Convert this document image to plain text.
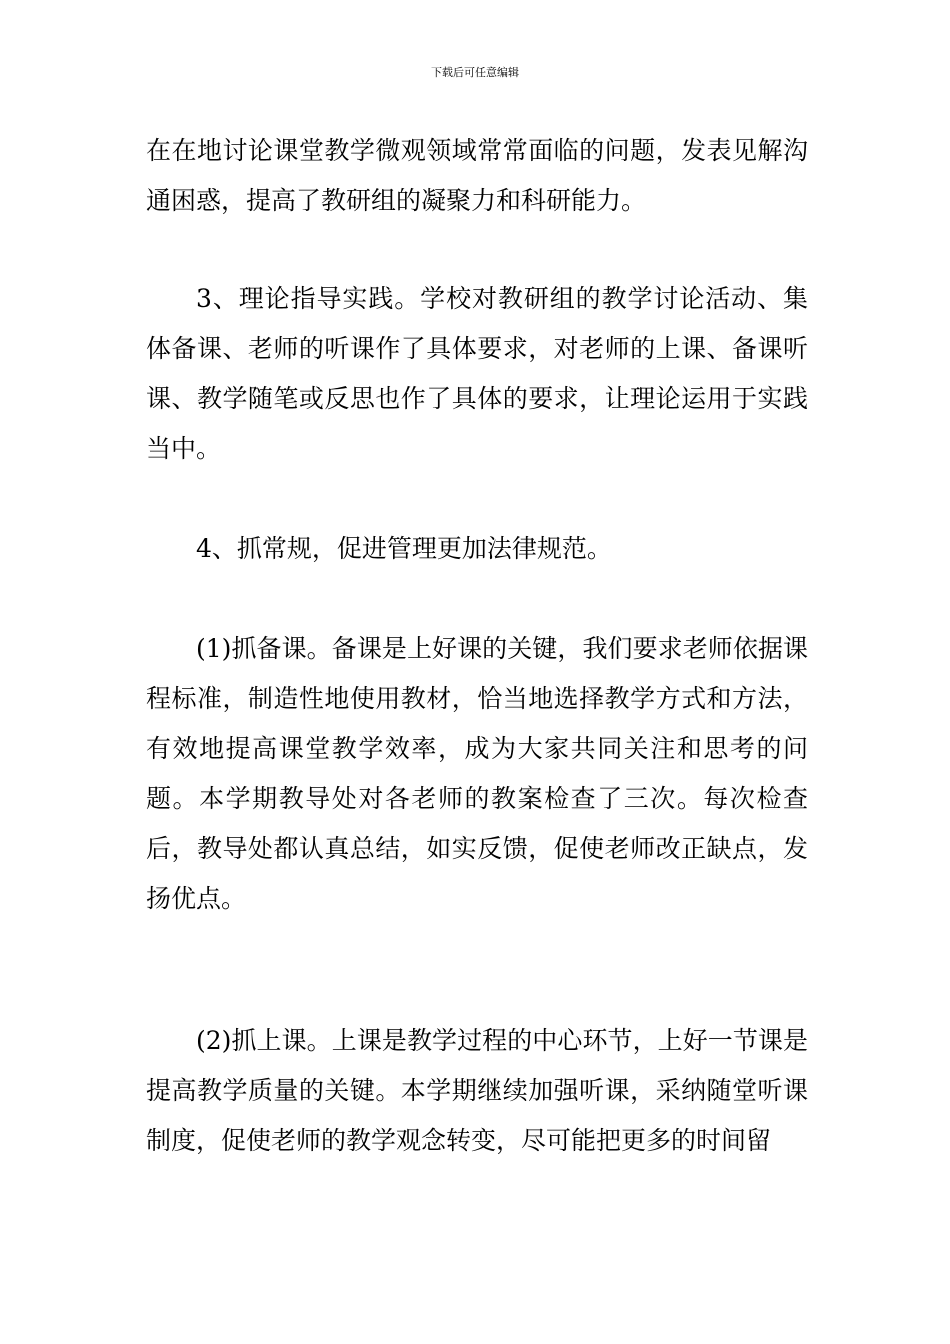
下载后可任意编辑

在在地讨论课堂教学微观领域常常面临的问题，发表见解沟通困惑，提高了教研组的凝聚力和科研能力。

3、理论指导实践。学校对教研组的教学讨论活动、集体备课、老师的听课作了具体要求，对老师的上课、备课听课、教学随笔或反思也作了具体的要求，让理论运用于实践当中。

4、抓常规，促进管理更加法律规范。

(1)抓备课。备课是上好课的关键，我们要求老师依据课程标准，制造性地使用教材，恰当地选择教学方式和方法，有效地提高课堂教学效率，成为大家共同关注和思考的问题。本学期教导处对各老师的教案检查了三次。每次检查后，教导处都认真总结，如实反馈，促使老师改正缺点，发扬优点。

(2)抓上课。上课是教学过程的中心环节，上好一节课是提高教学质量的关键。本学期继续加强听课，采纳随堂听课制度，促使老师的教学观念转变，尽可能把更多的时间留
